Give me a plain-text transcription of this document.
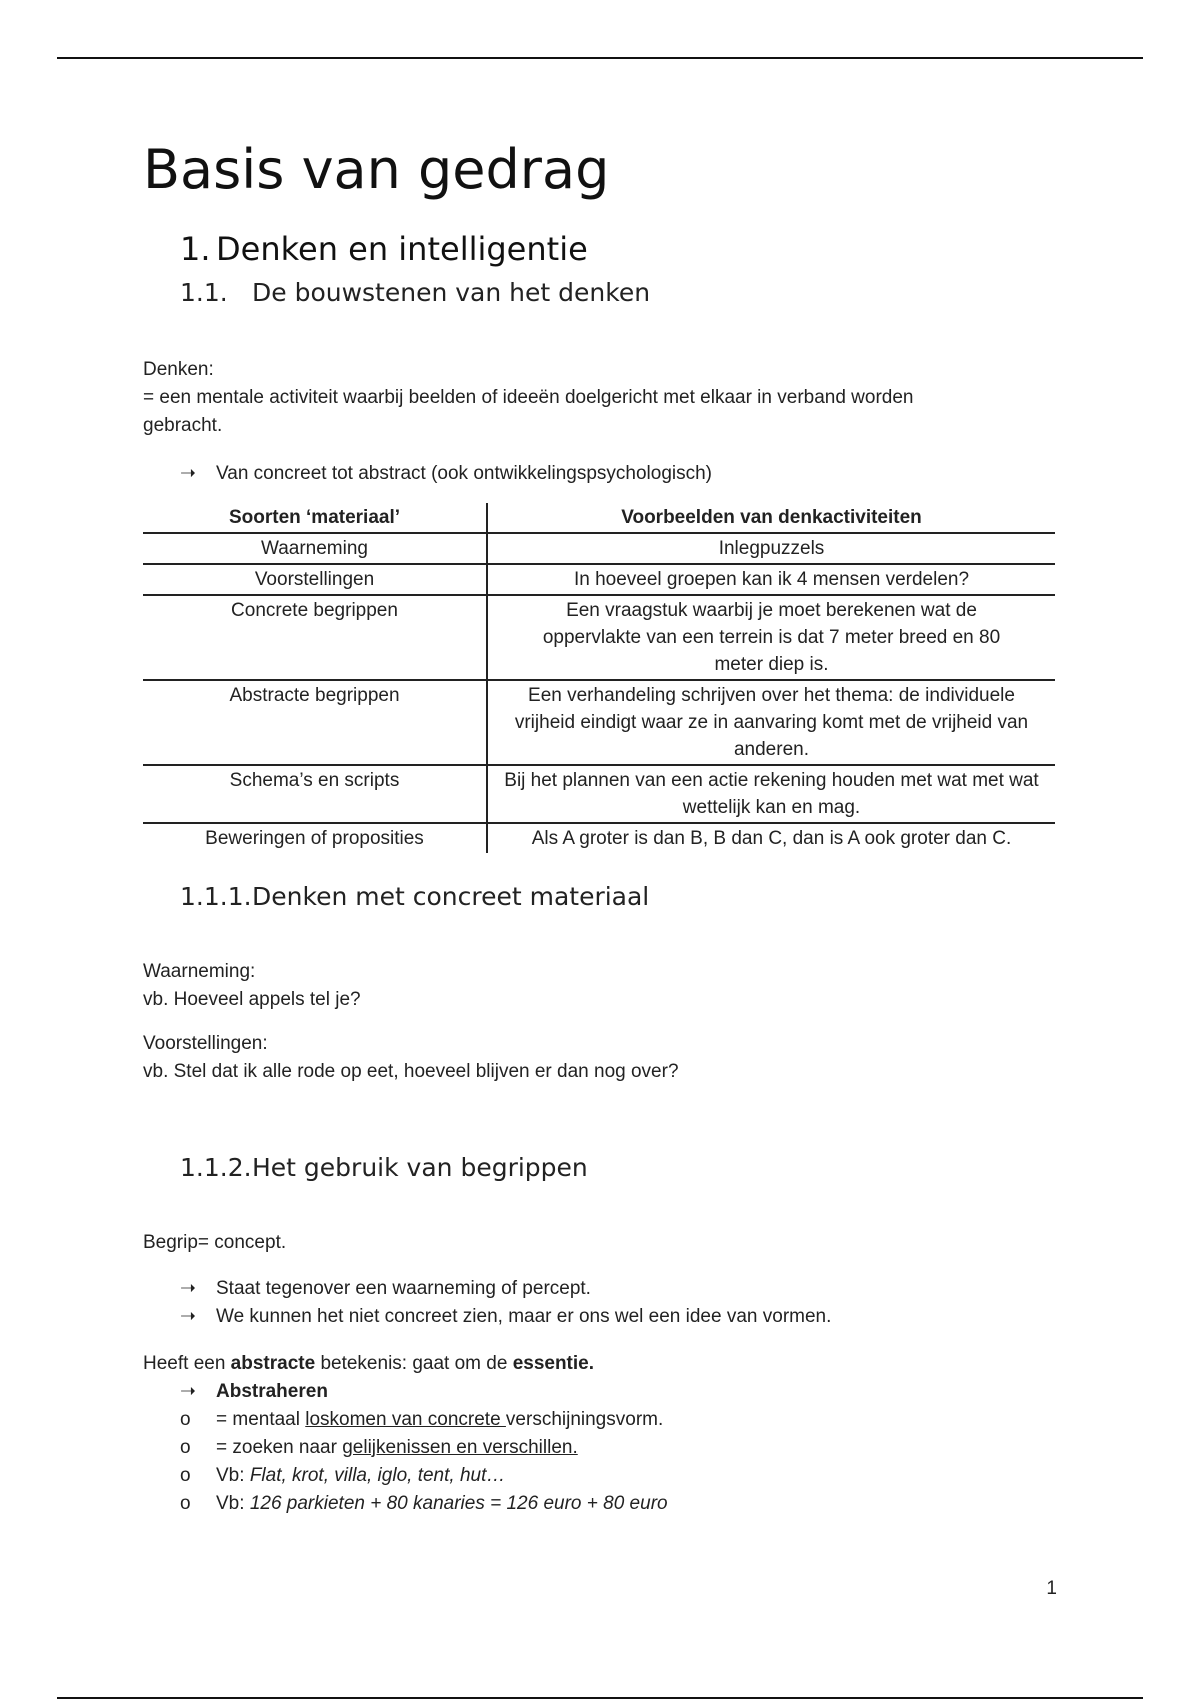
Basis van gedrag
1. Denken en intelligentie
1.1. De bouwstenen van het denken
Denken:
= een mentale activiteit waarbij beelden of ideeën doelgericht met elkaar in verband worden
gebracht.
➝ Van concreet tot abstract (ook ontwikkelingspsychologisch)
Soorten ‘materiaal’	Voorbeelden van denkactiviteiten
Waarneming	Inlegpuzzels
Voorstellingen	In hoeveel groepen kan ik 4 mensen verdelen?
Concrete begrippen	Een vraagstuk waarbij je moet berekenen wat de oppervlakte van een terrein is dat 7 meter breed en 80 meter diep is.
Abstracte begrippen	Een verhandeling schrijven over het thema: de individuele vrijheid eindigt waar ze in aanvaring komt met de vrijheid van anderen.
Schema’s en scripts	Bij het plannen van een actie rekening houden met wat met wat wettelijk kan en mag.
Beweringen of proposities	Als A groter is dan B, B dan C, dan is A ook groter dan C.
1.1.1.Denken met concreet materiaal
Waarneming:
vb. Hoeveel appels tel je?
Voorstellingen:
vb. Stel dat ik alle rode op eet, hoeveel blijven er dan nog over?
1.1.2.Het gebruik van begrippen
Begrip= concept.
➝ Staat tegenover een waarneming of percept.
➝ We kunnen het niet concreet zien, maar er ons wel een idee van vormen.
Heeft een abstracte betekenis: gaat om de essentie.
➝ Abstraheren
o = mentaal loskomen van concrete verschijningsvorm.
o = zoeken naar gelijkenissen en verschillen.
o Vb: Flat, krot, villa, iglo, tent, hut…
o Vb: 126 parkieten + 80 kanaries = 126 euro + 80 euro
1
